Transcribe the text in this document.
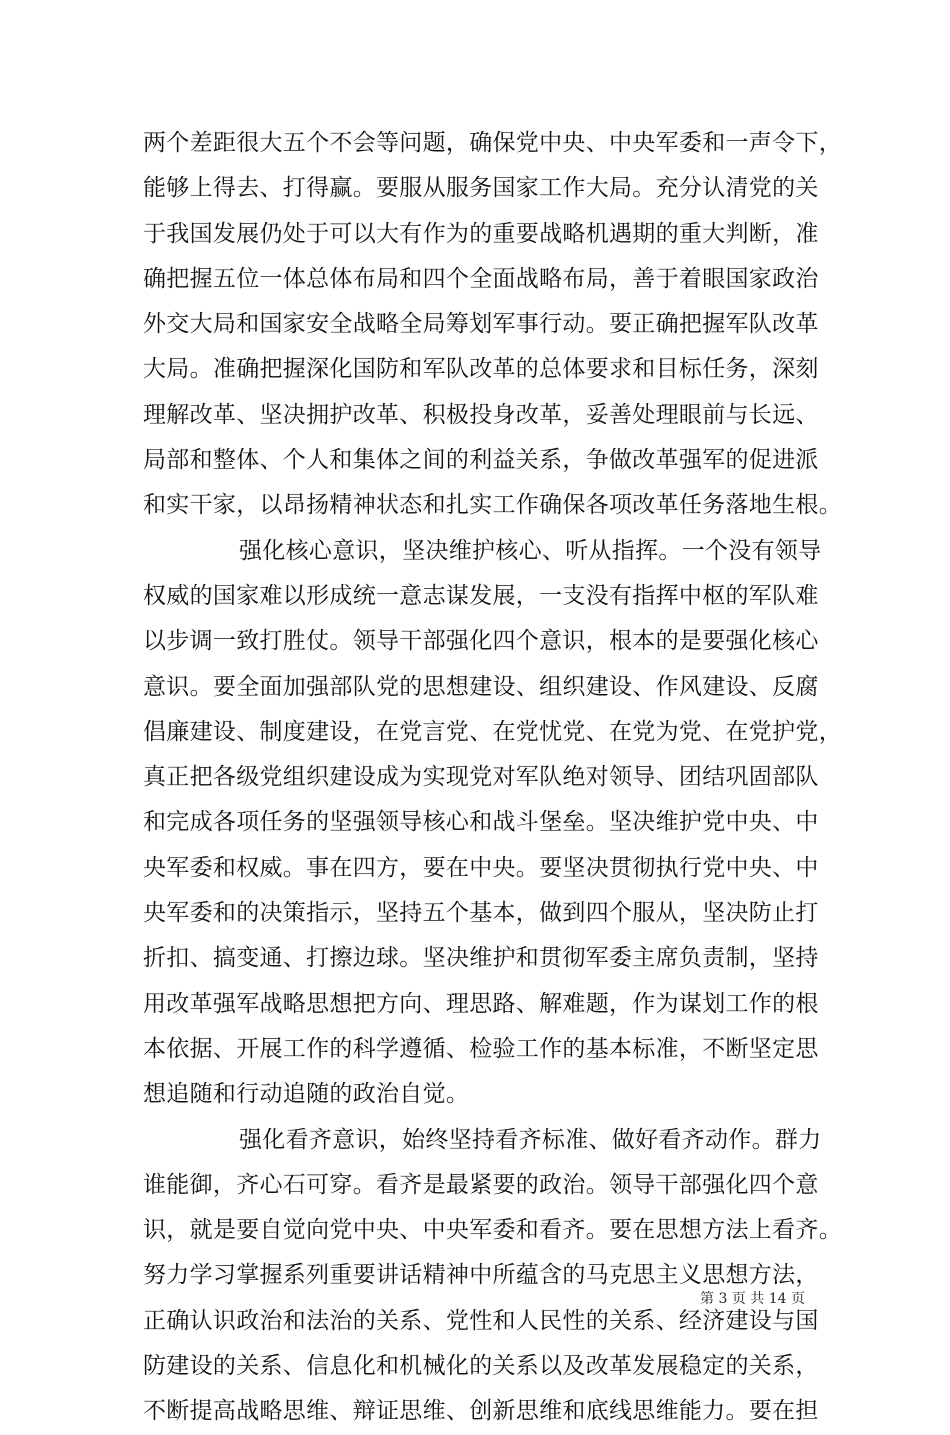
两个差距很大五个不会等问题，确保党中央、中央军委和一声令下，
能够上得去、打得赢。要服从服务国家工作大局。充分认清党的关
于我国发展仍处于可以大有作为的重要战略机遇期的重大判断，准
确把握五位一体总体布局和四个全面战略布局，善于着眼国家政治
外交大局和国家安全战略全局筹划军事行动。要正确把握军队改革
大局。准确把握深化国防和军队改革的总体要求和目标任务，深刻
理解改革、坚决拥护改革、积极投身改革，妥善处理眼前与长远、
局部和整体、个人和集体之间的利益关系，争做改革强军的促进派
和实干家，以昂扬精神状态和扎实工作确保各项改革任务落地生根。
强化核心意识，坚决维护核心、听从指挥。一个没有领导
权威的国家难以形成统一意志谋发展，一支没有指挥中枢的军队难
以步调一致打胜仗。领导干部强化四个意识，根本的是要强化核心
意识。要全面加强部队党的思想建设、组织建设、作风建设、反腐
倡廉建设、制度建设，在党言党、在党忧党、在党为党、在党护党，
真正把各级党组织建设成为实现党对军队绝对领导、团结巩固部队
和完成各项任务的坚强领导核心和战斗堡垒。坚决维护党中央、中
央军委和权威。事在四方，要在中央。要坚决贯彻执行党中央、中
央军委和的决策指示，坚持五个基本，做到四个服从，坚决防止打
折扣、搞变通、打擦边球。坚决维护和贯彻军委主席负责制，坚持
用改革强军战略思想把方向、理思路、解难题，作为谋划工作的根
本依据、开展工作的科学遵循、检验工作的基本标准，不断坚定思
想追随和行动追随的政治自觉。
强化看齐意识，始终坚持看齐标准、做好看齐动作。群力
谁能御，齐心石可穿。看齐是最紧要的政治。领导干部强化四个意
识，就是要自觉向党中央、中央军委和看齐。要在思想方法上看齐。
努力学习掌握系列重要讲话精神中所蕴含的马克思主义思想方法，
正确认识政治和法治的关系、党性和人民性的关系、经济建设与国
防建设的关系、信息化和机械化的关系以及改革发展稳定的关系，
不断提高战略思维、辩证思维、创新思维和底线思维能力。要在担
第 3 页 共 14 页
